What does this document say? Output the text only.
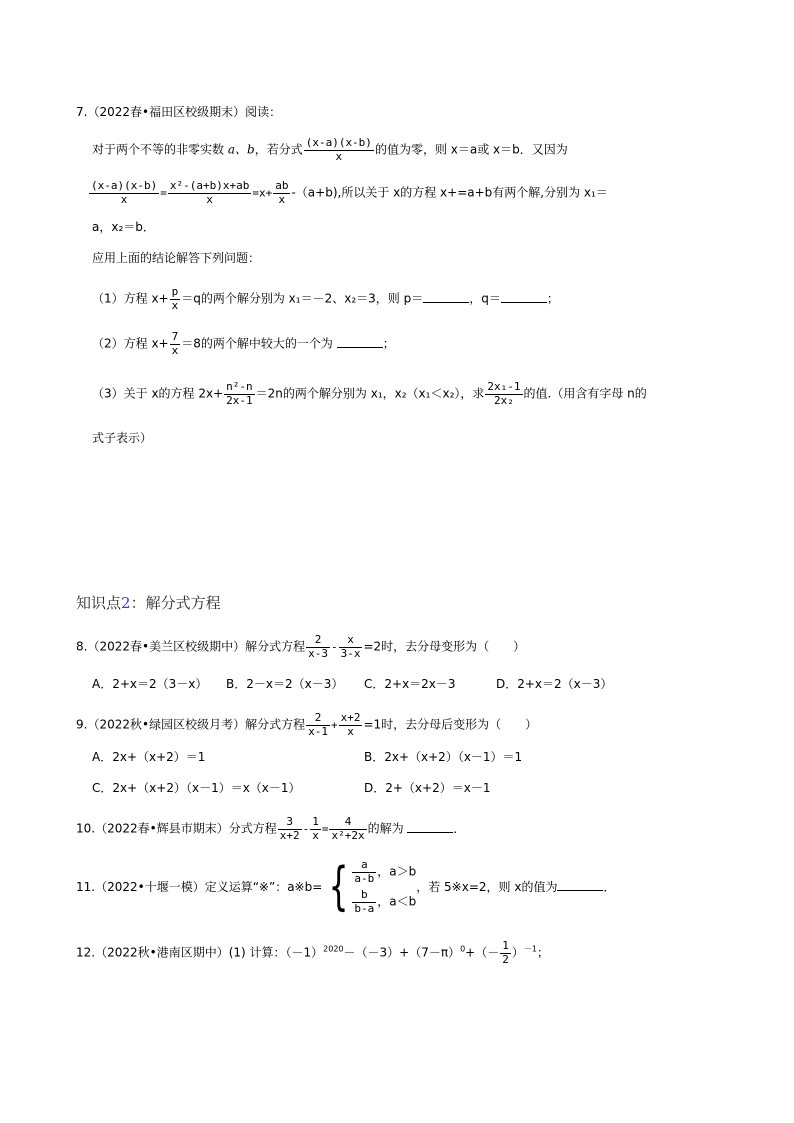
7.（2022春•福田区校级期末）阅读：
对于两个不等的非零实数 a、b，若分式 $\frac{(x-a)(x-b)}{x}$ 的值为零，则 x＝a或 x＝b．又因为
$\frac{(x-a)(x-b)}{x} = \frac{\text{x²-(a+b)x+ab}}{x} =x+ \frac{ab}{x} -(a+b)$,所以关于 x的方程 x+=a+b有两个解,分别为 x₁＝
a，x₂＝b．
应用上面的结论解答下列问题：
（1）方程 $x+ \frac{p}{x} =q$的两个解分别为 x₁＝－2、x₂＝3，则 p＝	，q＝	；
（2）方程 $x+ \frac{7}{x} =8$的两个解中较大的一个为	；
（3）关于 x的方程 $2x+ \frac{\text{n²-n}}{2x-1} =2n$的两个解分别为 x₁，x₂（x₁＜x₂），求 $\frac{\text{2x₁-1}}{\text{2x₂}}$ 的值.（用含有字母 n的
式子表示）
知识点2：解分式方程
8.（2022春•美兰区校级期中）解分式方程 $\frac{2}{x-3} - \frac{x}{3-x} =2$时，去分母变形为（　　）
A．2+x＝2（3－x） B．2－x＝2（x－3） C．2+x＝2x－3	D．2+x＝2（x－3）
9.（2022秋•绿园区校级月考）解分式方程 $\frac{2}{x-1} + \frac{x+2}{x} =1$时，去分母后变形为（　　）
A．2x+（x+2）＝1	B．2x+（x+2）（x－1）＝1
C．2x+（x+2）（x－1）＝x（x－1）	D．2+（x+2）＝x－1
10.（2022春•辉县市期末）分式方程 $\frac{3}{x+2} - \frac{1}{x} = \frac{4}{\text{x²+2x}}$ 的解为	．
11.（2022•十堰一模）定义运算“※”：a※b= { $\frac{a}{a-b}$ ，a＞b
$\frac{b}{b-a}$ ，a＜b
，若 5※x=2，则 x的值为	．
12.（2022秋•港南区期中）(1) 计算：$(-1)^{2020}-(-3)+(7-\pi)^0+(- \frac{1}{2} )^{-1}$；
